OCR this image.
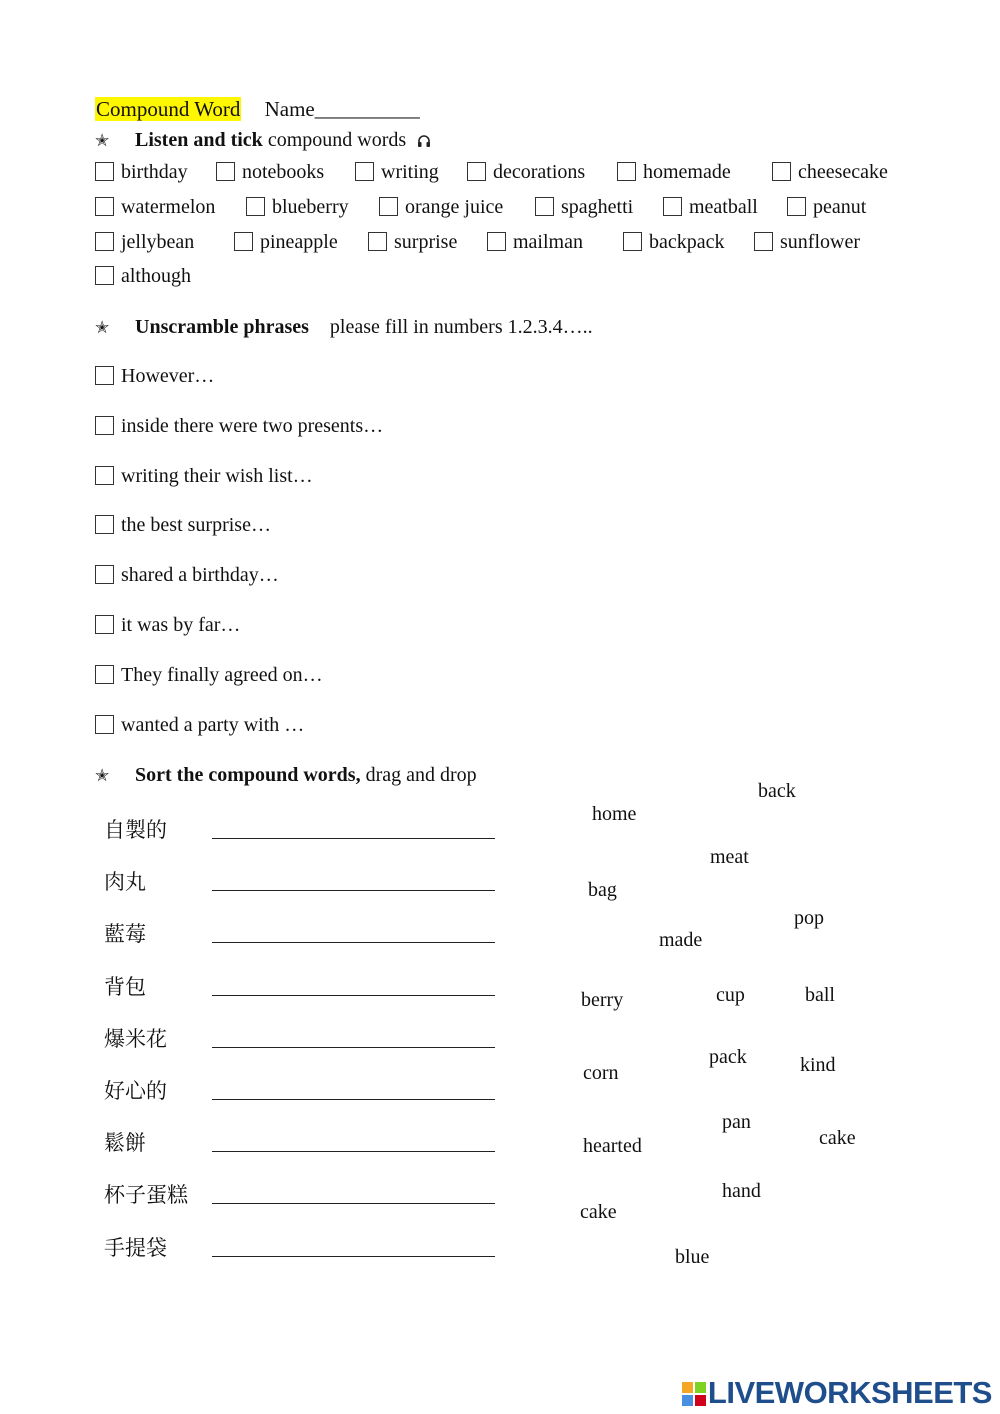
Compound Word Name__________
✭ Listen and tick compound words
birthday	notebooks	writing	decorations	homemade	cheesecake
watermelon	blueberry	orange juice	spaghetti	meatball	peanut
jellybean	pineapple	surprise	mailman	backpack	sunflower
although
✭ Unscramble phrases please fill in numbers 1.2.3.4…..
However…
inside there were two presents…
writing their wish list…
the best surprise…
shared a birthday…
it was by far…
They finally agreed on…
wanted a party with …
✭ Sort the compound words, drag and drop
自製的
肉丸
藍莓
背包
爆米花
好心的
鬆餅
杯子蛋糕
手提袋
back
home
meat
bag
pop
made
berry	cup	ball
pack	kind
corn
pan
cake
hearted
hand
cake
blue
LIVEWORKSHEETS
